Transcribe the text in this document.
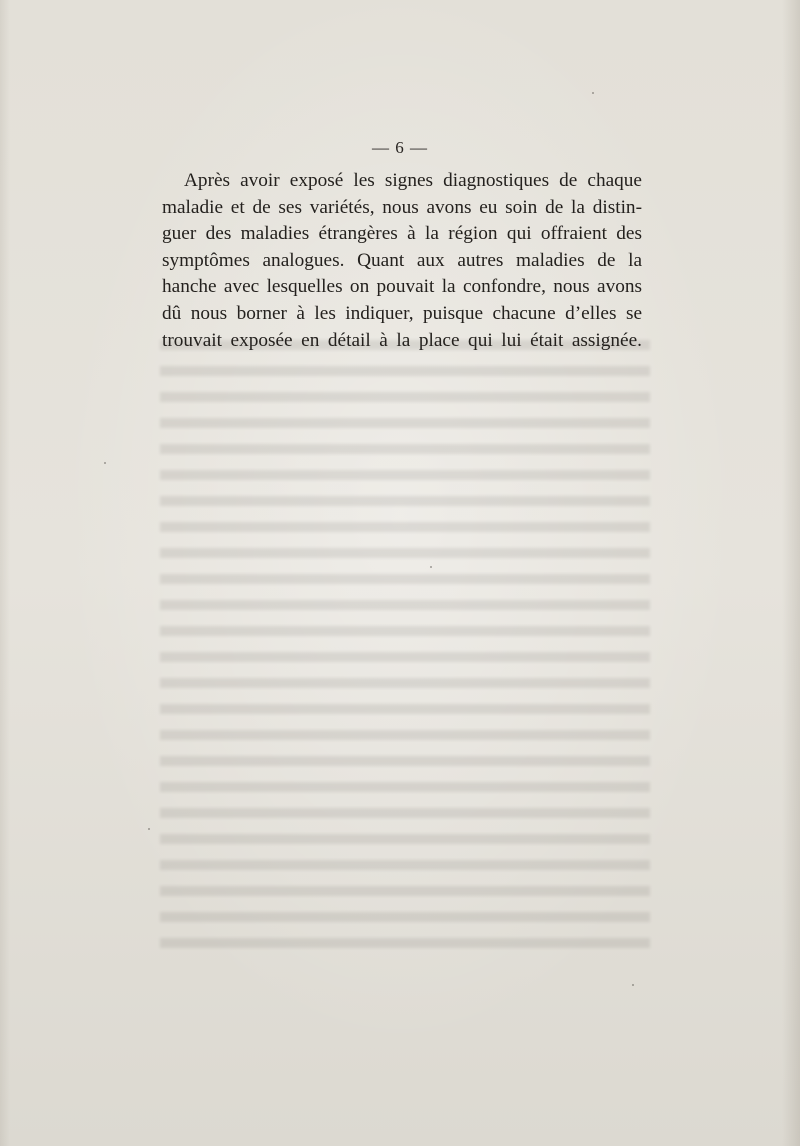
— 6 —

Après avoir exposé les signes diagnostiques de chaque
maladie et de ses variétés, nous avons eu soin de la distin-
guer des maladies étrangères à la région qui offraient des
symptômes analogues. Quant aux autres maladies de la
hanche avec lesquelles on pouvait la confondre, nous avons
dû nous borner à les indiquer, puisque chacune d’elles se
trouvait exposée en détail à la place qui lui était assignée.
